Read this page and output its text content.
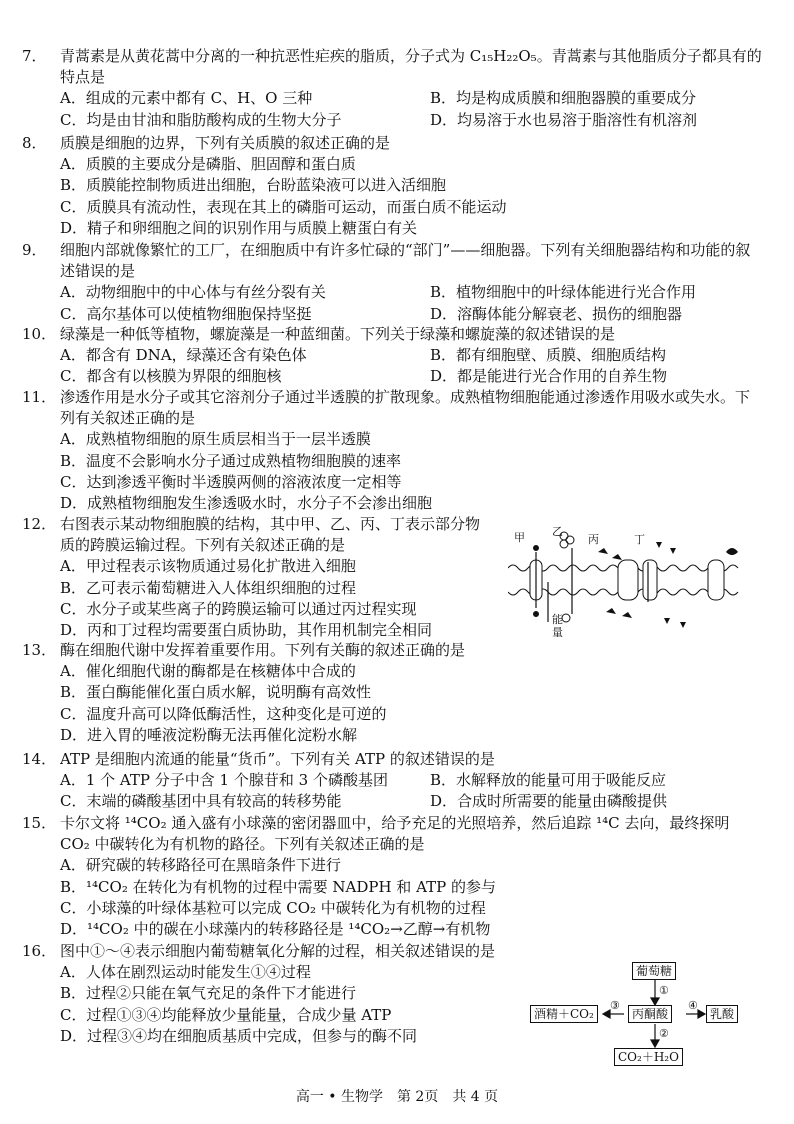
7． 青蒿素是从黄花蒿中分离的一种抗恶性疟疾的脂质，分子式为 C₁₅H₂₂O₅。青蒿素与其他脂质分子都具有的特点是
A．组成的元素中都有 C、H、O 三种	B．均是构成质膜和细胞器膜的重要成分
C．均是由甘油和脂肪酸构成的生物大分子	D．均易溶于水也易溶于脂溶性有机溶剂
8． 质膜是细胞的边界，下列有关质膜的叙述正确的是
A．质膜的主要成分是磷脂、胆固醇和蛋白质
B．质膜能控制物质进出细胞，台盼蓝染液可以进入活细胞
C．质膜具有流动性，表现在其上的磷脂可运动，而蛋白质不能运动
D．精子和卵细胞之间的识别作用与质膜上糖蛋白有关
9． 细胞内部就像繁忙的工厂，在细胞质中有许多忙碌的“部门”——细胞器。下列有关细胞器结构和功能的叙述错误的是
A．动物细胞中的中心体与有丝分裂有关	B．植物细胞中的叶绿体能进行光合作用
C．高尔基体可以使植物细胞保持坚挺	D．溶酶体能分解衰老、损伤的细胞器
10． 绿藻是一种低等植物，螺旋藻是一种蓝细菌。下列关于绿藻和螺旋藻的叙述错误的是
A．都含有 DNA，绿藻还含有染色体	B．都有细胞壁、质膜、细胞质结构
C．都含有以核膜为界限的细胞核	D．都是能进行光合作用的自养生物
11． 渗透作用是水分子或其它溶剂分子通过半透膜的扩散现象。成熟植物细胞能通过渗透作用吸水或失水。下列有关叙述正确的是
A．成熟植物细胞的原生质层相当于一层半透膜
B．温度不会影响水分子通过成熟植物细胞膜的速率
C．达到渗透平衡时半透膜两侧的溶液浓度一定相等
D．成熟植物细胞发生渗透吸水时，水分子不会渗出细胞
12． 右图表示某动物细胞膜的结构，其中甲、乙、丙、丁表示部分物质的跨膜运输过程。下列有关叙述正确的是
A．甲过程表示该物质通过易化扩散进入细胞
B．乙可表示葡萄糖进入人体组织细胞的过程
C．水分子或某些离子的跨膜运输可以通过丙过程实现
D．丙和丁过程均需要蛋白质协助，其作用机制完全相同
甲 乙
丙	丁
能
量
13． 酶在细胞代谢中发挥着重要作用。下列有关酶的叙述正确的是
A．催化细胞代谢的酶都是在核糖体中合成的
B．蛋白酶能催化蛋白质水解，说明酶有高效性
C．温度升高可以降低酶活性，这种变化是可逆的
D．进入胃的唾液淀粉酶无法再催化淀粉水解
14． ATP 是细胞内流通的能量“货币”。下列有关 ATP 的叙述错误的是
A．1 个 ATP 分子中含 1 个腺苷和 3 个磷酸基团	B．水解释放的能量可用于吸能反应
C．末端的磷酸基团中具有较高的转移势能	D．合成时所需要的能量由磷酸提供
15． 卡尔文将 ¹⁴CO₂ 通入盛有小球藻的密闭器皿中，给予充足的光照培养，然后追踪 ¹⁴C 去向，最终探明 CO₂ 中碳转化为有机物的路径。下列有关叙述正确的是
A．研究碳的转移路径可在黑暗条件下进行
B．¹⁴CO₂ 在转化为有机物的过程中需要 NADPH 和 ATP 的参与
C．小球藻的叶绿体基粒可以完成 CO₂ 中碳转化为有机物的过程
D．¹⁴CO₂ 中的碳在小球藻内的转移路径是 ¹⁴CO₂→乙醇→有机物
16． 图中①～④表示细胞内葡萄糖氧化分解的过程，相关叙述错误的是
A．人体在剧烈运动时能发生①④过程
B．过程②只能在氧气充足的条件下才能进行
C．过程①③④均能释放少量能量，合成少量 ATP
D．过程③④均在细胞质基质中完成，但参与的酶不同
葡萄糖
丙酮酸
酒精＋CO₂	乳酸
CO₂＋H₂O
①
②
③	④
高一 • 生物学　第 2页　共 4 页
